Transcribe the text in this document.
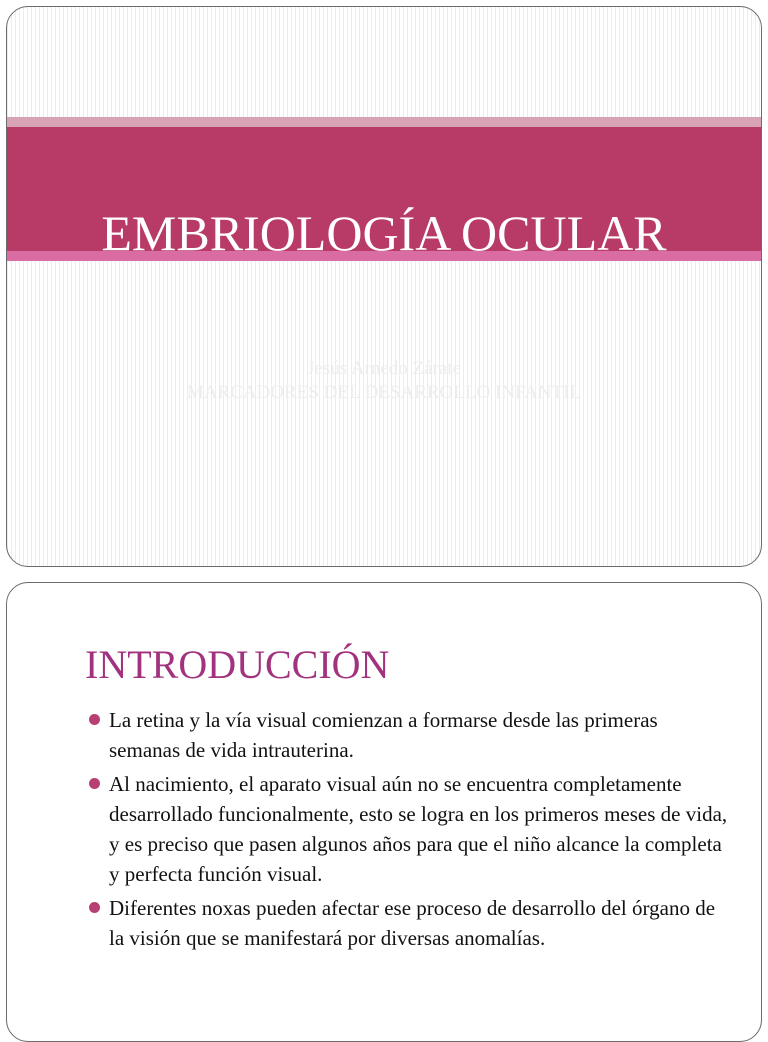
EMBRIOLOGÍA OCULAR
Jesús Arnedo Zárate
MARCADORES DEL DESARROLLO INFANTIL
INTRODUCCIÓN
La retina y la vía visual comienzan a formarse desde las primeras semanas de vida intrauterina.
Al nacimiento, el aparato visual aún no se encuentra completamente desarrollado funcionalmente, esto se logra en los primeros meses de vida, y es preciso que pasen algunos años para que el niño alcance la completa y perfecta función visual.
Diferentes noxas pueden afectar ese proceso de desarrollo del órgano de la visión que se manifestará por diversas anomalías.
